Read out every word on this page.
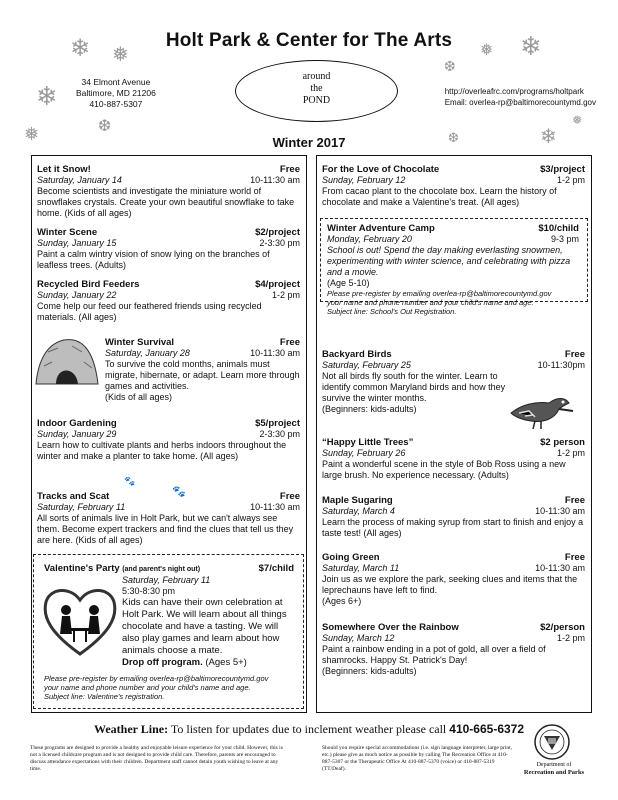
❄ ❅
❄
❆
❅
❄
❅
❆
❄
❅
❆
Holt Park & Center for The Arts
34 Elmont Avenue
Baltimore, MD 21206
410-887-5307
around
the
POND
http://overleafrc.com/programs/holtpark
Email: overlea-rp@baltimorecountymd.gov
Winter 2017
Let it Snow!	Free
Saturday, January 14	10-11:30 am
Become scientists and investigate the miniature world of snowflakes crystals. Create your own beautiful snowflake to take home. (Kids of all ages)
Winter Scene	$2/project
Sunday, January 15	2-3:30 pm
Paint a calm wintry vision of snow lying on the branches of leafless trees. (Adults)
Recycled Bird Feeders	$4/project
Sunday, January 22	1-2 pm
Come help our feed our feathered friends using recycled materials. (All ages)
Winter Survival	Free
Saturday, January 28	10-11:30 am
To survive the cold months, animals must migrate, hibernate, or adapt. Learn more through games and activities.
(Kids of all ages)
Indoor Gardening	$5/project
Sunday, January 29	2-3:30 pm
Learn how to cultivate plants and herbs indoors throughout the winter and make a planter to take home. (All ages)
🐾
🐾
Tracks and Scat	Free
Saturday, February 11	10-11:30 am
All sorts of animals live in Holt Park, but we can't always see them. Become expert trackers and find the clues that tell us they are here. (Kids of all ages)
Valentine's Party (and parent's night out)	$7/child
Saturday, February 11
5:30-8:30 pm
Kids can have their own celebration at Holt Park. We will learn about all things chocolate and have a tasting. We will also play games and learn about how animals choose a mate.
Drop off program. (Ages 5+)
Please pre-register by emailing overlea-rp@baltimorecountymd.gov
your name and phone number and your child's name and age.
Subject line: Valentine's registration.
For the Love of Chocolate	$3/project
Sunday, February 12	1-2 pm
From cacao plant to the chocolate box. Learn the history of chocolate and make a Valentine's treat. (All ages)
Winter Adventure Camp	$10/child
Monday, February 20	9-3 pm
School is out! Spend the day making everlasting snowmen, experimenting with winter science, and celebrating with pizza and a movie.
(Age 5-10)
Please pre-register by emailing overlea-rp@baltimorecountymd.gov
your name and phone number and your child's name and age.
Subject line: School's Out Registration.
Backyard Birds	Free
Saturday, February 25	10-11:30pm
Not all birds fly south for the winter. Learn to identify common Maryland birds and how they survive the winter months.
(Beginners: kids-adults)
“Happy Little Trees”	$2 person
Sunday, February 26	1-2 pm
Paint a wonderful scene in the style of Bob Ross using a new large brush. No experience necessary. (Adults)
Maple Sugaring	Free
Saturday, March 4	10-11:30 am
Learn the process of making syrup from start to finish and enjoy a taste test! (All ages)
Going Green	Free
Saturday, March 11	10-11:30 am
Join us as we explore the park, seeking clues and items that the leprechauns have left to find.
(Ages 6+)
Somewhere Over the Rainbow	$2/person
Sunday, March 12	1-2 pm
Paint a rainbow ending in a pot of gold, all over a field of shamrocks. Happy St. Patrick's Day!
(Beginners: kids-adults)
Weather Line: To listen for updates due to inclement weather please call 410-665-6372
These programs are designed to provide a healthy and enjoyable leisure experience for your child. However, this is not a licensed childcare program and is not designed to provide child care. Therefore, parents are encouraged to discuss attendance expectations with their children. Department staff cannot detain youth wishing to leave at any time.
Should you require special accommodations (i.e. sign language interpreter, large print, etc.) please give as much notice as possible by calling The Recreation Office at 410-887-5307 or the Therapeutic Office At 410-887-5370 (voice) or 410-887-5319 (TT/Deaf).
Department of
Recreation and Parks
